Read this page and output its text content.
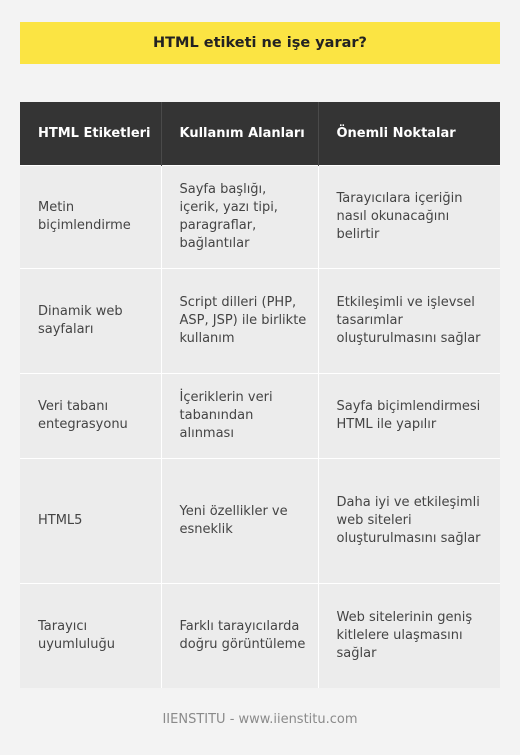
HTML etiketi ne işe yarar?
HTML Etiketleri	Kullanım Alanları	Önemli Noktalar
Metin biçimlendirme	Sayfa başlığı, içerik, yazı tipi, paragraflar, bağlantılar	Tarayıcılara içeriğin nasıl okunacağını belirtir
Dinamik web sayfaları	Script dilleri (PHP, ASP, JSP) ile birlikte kullanım	Etkileşimli ve işlevsel tasarımlar oluşturulmasını sağlar
Veri tabanı entegrasyonu	İçeriklerin veri tabanından alınması	Sayfa biçimlendirmesi HTML ile yapılır
HTML5	Yeni özellikler ve esneklik	Daha iyi ve etkileşimli web siteleri oluşturulmasını sağlar
Tarayıcı uyumluluğu	Farklı tarayıcılarda doğru görüntüleme	Web sitelerinin geniş kitlelere ulaşmasını sağlar
IIENSTITU - www.iienstitu.com
